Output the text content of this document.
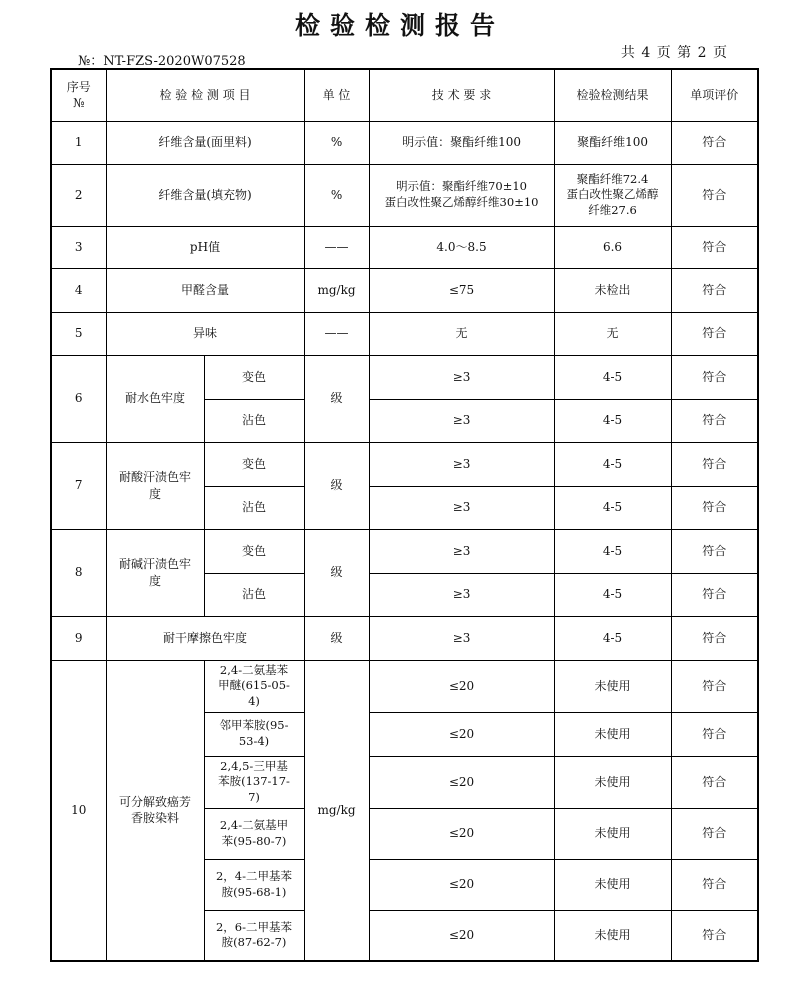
检验检测报告
№：NT-FZS-2020W07528
共 4 页 第 2 页
序号
№	检 验 检 测 项 目		单 位	技 术 要 求	检验检测结果	单项评价
1	纤维含量(面里料)		%	明示值：聚酯纤维100	聚酯纤维100	符合
2	纤维含量(填充物)		%	明示值：聚酯纤维70±10
蛋白改性聚乙烯醇纤维30±10	聚酯纤维72.4
蛋白改性聚乙烯醇
纤维27.6	符合
3	pH值		——	4.0～8.5	6.6	符合
4	甲醛含量		mg/kg	≤75	未检出	符合
5	异味		——	无	无	符合
6	耐水色牢度	变色	级	≥3	4-5	符合
		沾色		≥3	4-5	符合
7	耐酸汗渍色牢
度	变色	级	≥3	4-5	符合
		沾色		≥3	4-5	符合
8	耐碱汗渍色牢
度	变色	级	≥3	4-5	符合
		沾色		≥3	4-5	符合
9	耐干摩擦色牢度		级	≥3	4-5	符合
10	可分解致癌芳
香胺染料	2,4-二氨基苯
甲醚(615-05-
4)	mg/kg	≤20	未使用	符合
		邻甲苯胺(95-
53-4)		≤20	未使用	符合
		2,4,5-三甲基
苯胺(137-17-
7)		≤20	未使用	符合
		2,4-二氨基甲
苯(95-80-7)		≤20	未使用	符合
		2，4-二甲基苯
胺(95-68-1)		≤20	未使用	符合
		2，6-二甲基苯
胺(87-62-7)		≤20	未使用	符合
